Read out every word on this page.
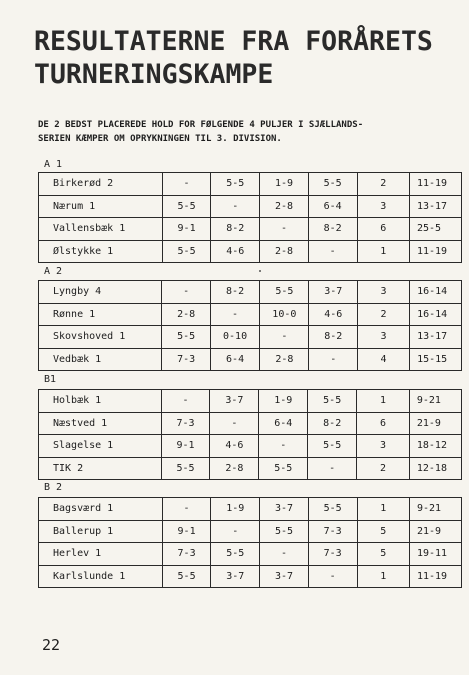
RESULTATERNE FRA FORÅRETS
TURNERINGSKAMPE

DE 2 BEDST PLACEREDE HOLD FOR FØLGENDE 4 PULJER I SJÆLLANDS-
SERIEN KÆMPER OM OPRYKNINGEN TIL 3. DIVISION.

A 1
Birkerød 2	-	5-5	1-9	5-5	2	11-19
Nærum 1	5-5	-	2-8	6-4	3	13-17
Vallensbæk 1	9-1	8-2	-	8-2	6	25-5
Ølstykke 1	5-5	4-6	2-8	-	1	11-19
A 2
Lyngby 4	-	8-2	5-5	3-7	3	16-14
Rønne 1	2-8	-	10-0	4-6	2	16-14
Skovshoved 1	5-5	0-10	-	8-2	3	13-17
Vedbæk 1	7-3	6-4	2-8	-	4	15-15
B1
Holbæk 1	-	3-7	1-9	5-5	1	9-21
Næstved 1	7-3	-	6-4	8-2	6	21-9
Slagelse 1	9-1	4-6	-	5-5	3	18-12
TIK 2	5-5	2-8	5-5	-	2	12-18
B 2
Bagsværd 1	-	1-9	3-7	5-5	1	9-21
Ballerup 1	9-1	-	5-5	7-3	5	21-9
Herlev 1	7-3	5-5	-	7-3	5	19-11
Karlslunde 1	5-5	3-7	3-7	-	1	11-19
22
